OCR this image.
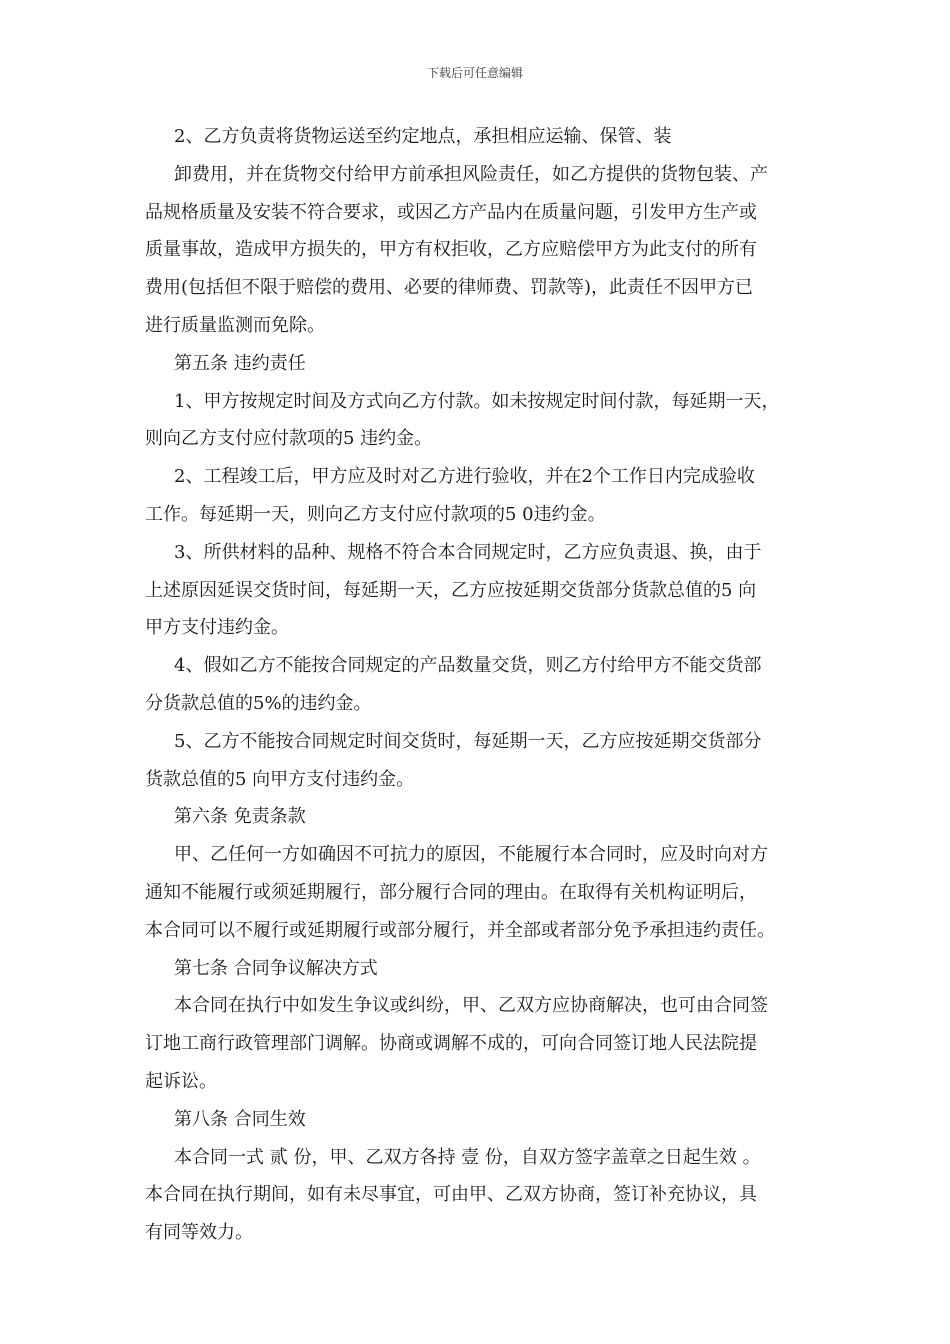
下载后可任意编辑
2、乙方负责将货物运送至约定地点，承担相应运输、保管、装
卸费用，并在货物交付给甲方前承担风险责任，如乙方提供的货物包装、产
品规格质量及安装不符合要求，或因乙方产品内在质量问题，引发甲方生产或
质量事故，造成甲方损失的，甲方有权拒收，乙方应赔偿甲方为此支付的所有
费用(包括但不限于赔偿的费用、必要的律师费、罚款等)，此责任不因甲方已
进行质量监测而免除。
第五条 违约责任
1、甲方按规定时间及方式向乙方付款。如未按规定时间付款，每延期一天，
则向乙方支付应付款项的5 违约金。
2、工程竣工后，甲方应及时对乙方进行验收，并在2个工作日内完成验收
工作。每延期一天，则向乙方支付应付款项的5 0违约金。
3、所供材料的品种、规格不符合本合同规定时，乙方应负责退、换，由于
上述原因延误交货时间，每延期一天，乙方应按延期交货部分货款总值的5 向
甲方支付违约金。
4、假如乙方不能按合同规定的产品数量交货，则乙方付给甲方不能交货部
分货款总值的5%的违约金。
5、乙方不能按合同规定时间交货时，每延期一天，乙方应按延期交货部分
货款总值的5 向甲方支付违约金。
第六条 免责条款
甲、乙任何一方如确因不可抗力的原因，不能履行本合同时，应及时向对方
通知不能履行或须延期履行，部分履行合同的理由。在取得有关机构证明后，
本合同可以不履行或延期履行或部分履行，并全部或者部分免予承担违约责任。
第七条 合同争议解决方式
本合同在执行中如发生争议或纠纷，甲、乙双方应协商解决，也可由合同签
订地工商行政管理部门调解。协商或调解不成的，可向合同签订地人民法院提
起诉讼。
第八条 合同生效
本合同一式 贰 份，甲、乙双方各持 壹 份，自双方签字盖章之日起生效 。
本合同在执行期间，如有未尽事宜，可由甲、乙双方协商，签订补充协议，具
有同等效力。
